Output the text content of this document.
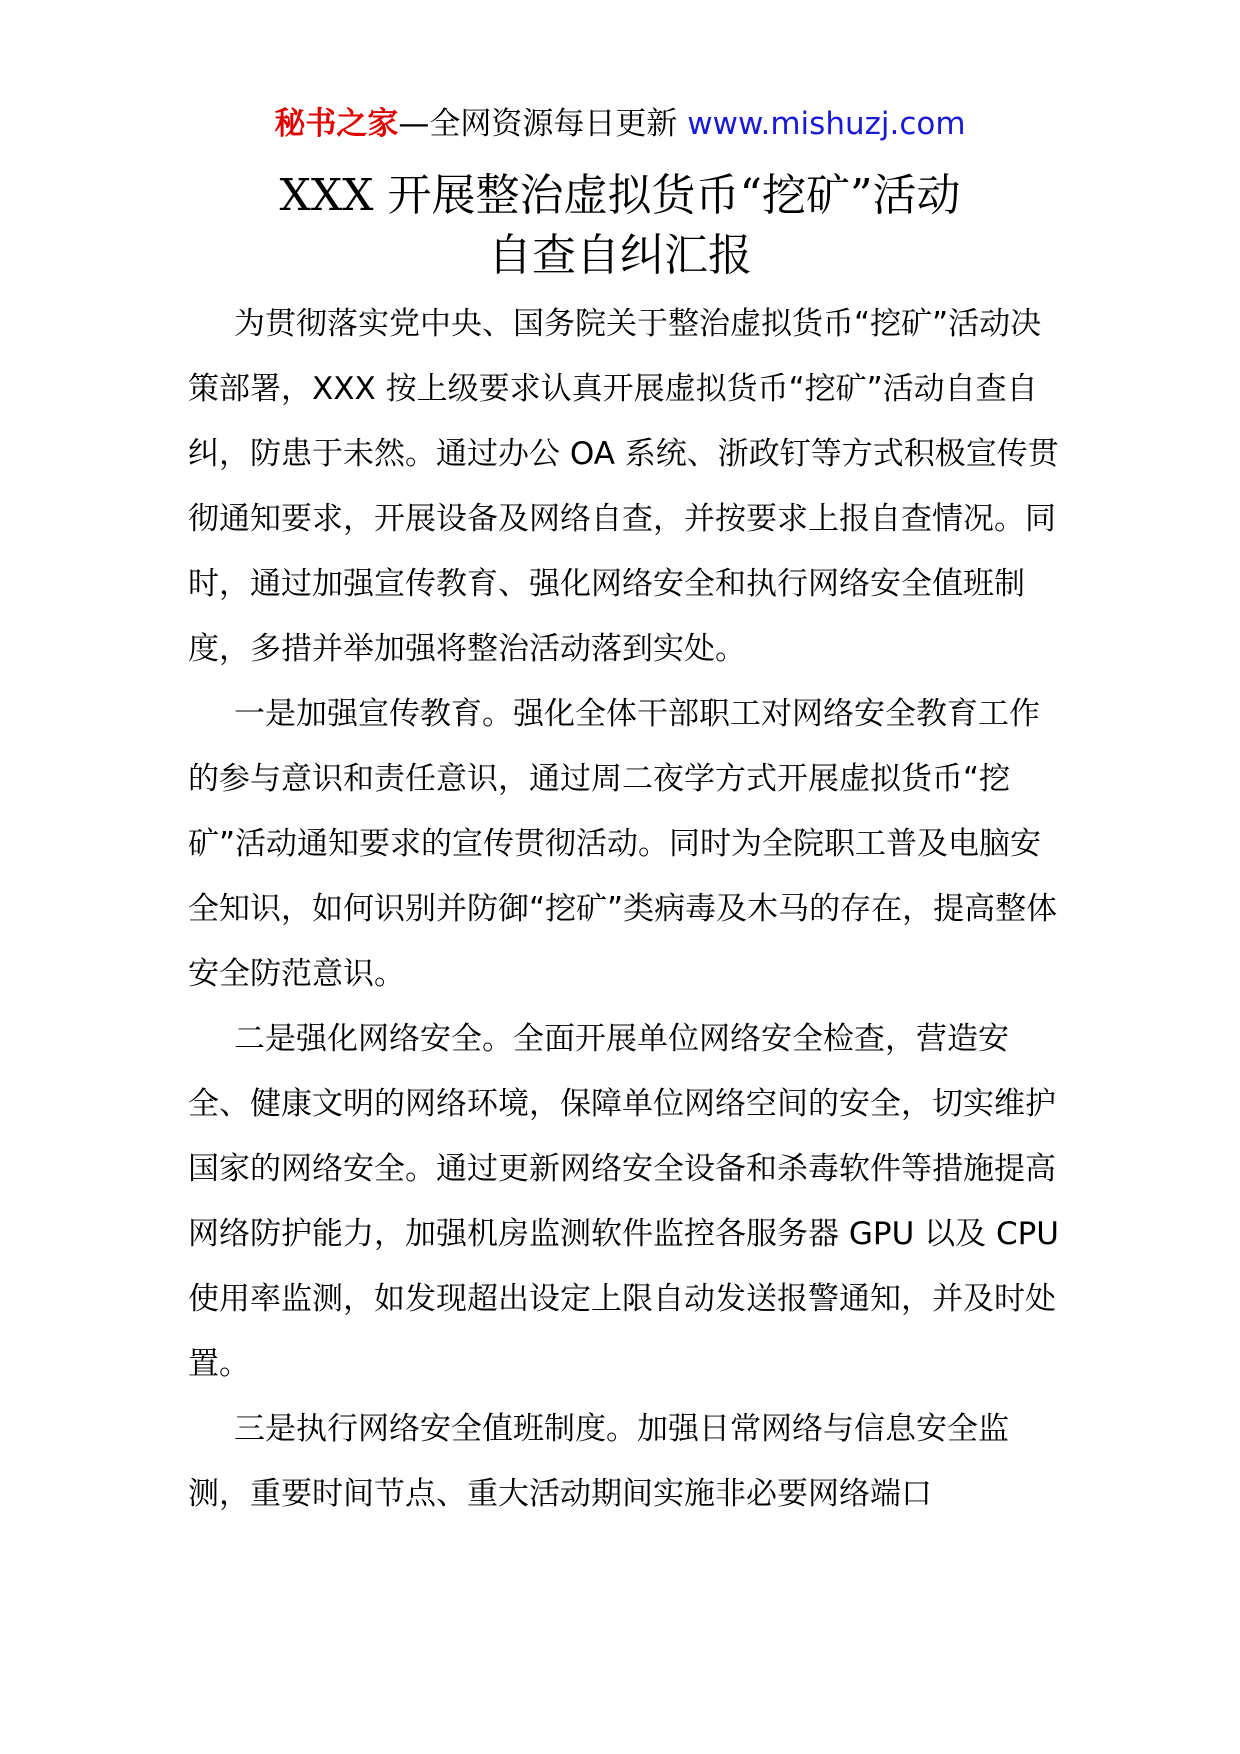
秘书之家—全网资源每日更新 www.mishuzj.com
XXX 开展整治虚拟货币“挖矿”活动
自查自纠汇报

为贯彻落实党中央、国务院关于整治虚拟货币“挖矿”活动决策部署，XXX 按上级要求认真开展虚拟货币“挖矿”活动自查自纠，防患于未然。通过办公 OA 系统、浙政钉等方式积极宣传贯彻通知要求，开展设备及网络自查，并按要求上报自查情况。同时，通过加强宣传教育、强化网络安全和执行网络安全值班制度，多措并举加强将整治活动落到实处。

一是加强宣传教育。强化全体干部职工对网络安全教育工作的参与意识和责任意识，通过周二夜学方式开展虚拟货币“挖矿”活动通知要求的宣传贯彻活动。同时为全院职工普及电脑安全知识，如何识别并防御“挖矿”类病毒及木马的存在，提高整体安全防范意识。

二是强化网络安全。全面开展单位网络安全检查，营造安全、健康文明的网络环境，保障单位网络空间的安全，切实维护国家的网络安全。通过更新网络安全设备和杀毒软件等措施提高网络防护能力，加强机房监测软件监控各服务器 GPU 以及 CPU 使用率监测，如发现超出设定上限自动发送报警通知，并及时处置。

三是执行网络安全值班制度。加强日常网络与信息安全监测，重要时间节点、重大活动期间实施非必要网络端口
